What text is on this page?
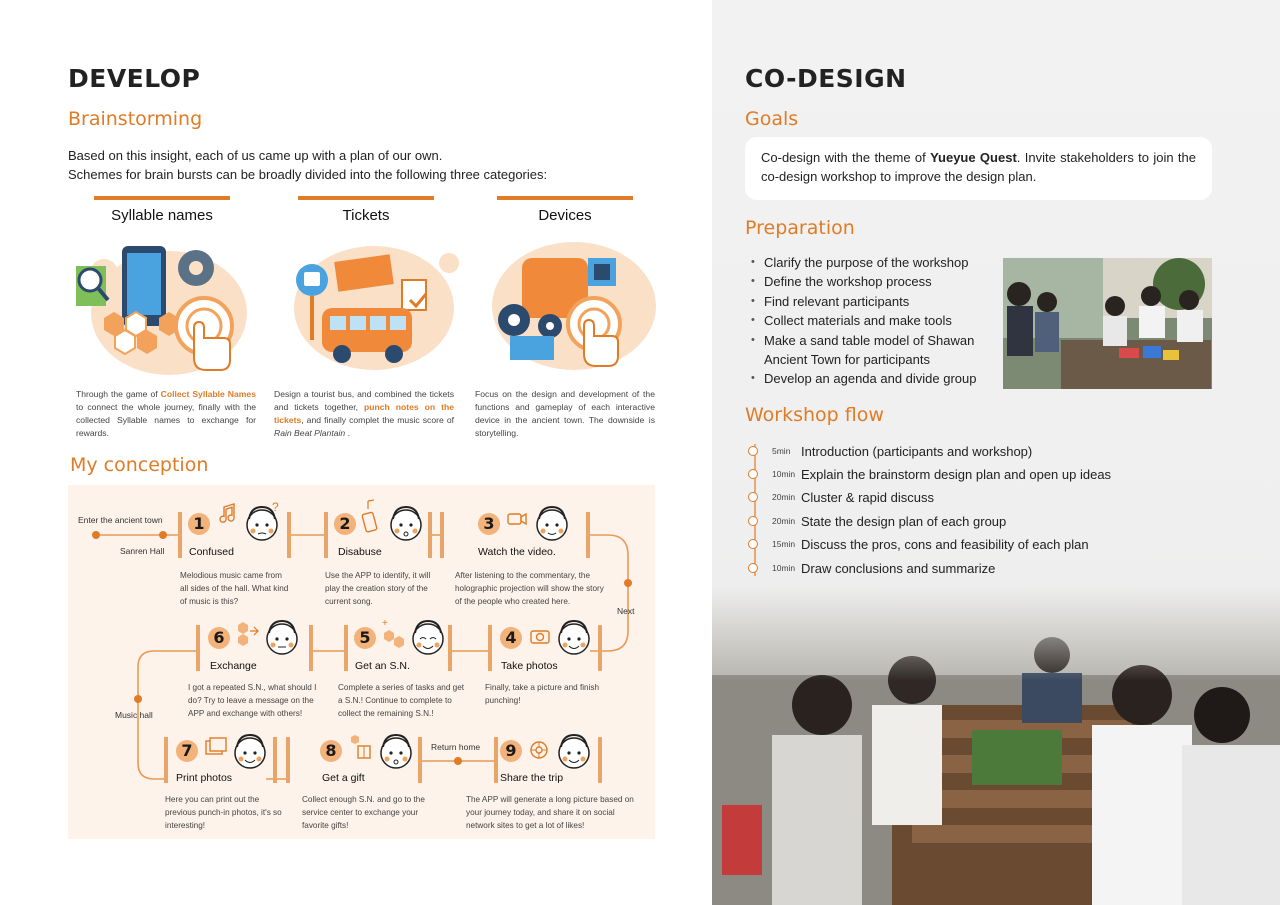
DEVELOP
Brainstorming
Based on this insight, each of us came up with a plan of our own.
Schemes for brain bursts can be broadly divided into the following three categories:
Syllable names
Through the game of Collect Syllable Names to connect the whole journey, finally with the collected Syllable names to exchange for rewards.
Tickets
Design a tourist bus, and combined the tickets and tickets together, punch notes on the tickets, and finally complet the music score of Rain Beat Plantain .
Devices
Focus on the design and development of the functions and gameplay of each interactive device in the ancient town. The downside is storytelling.
My conception
Enter the ancient town
Sanren Hall
Next
Music hall
Return home
1
?
Confused
Melodious music came from all sides of the hall. What kind of music is this?
2
Disabuse
Use the APP to identify, it will play the creation story of the current song.
3
Watch the video.
After listening to the commentary, the holographic projection will show the story of the people who created here.
4
Take photos
Finally, take a picture and finish punching!
5
+
Get an S.N.
Complete a series of tasks and get a S.N.! Continue to complete to collect the remaining S.N.!
6
Exchange
I got a repeated S.N., what should I do? Try to leave a message on the APP and exchange with others!
7
Print photos
Here you can print out the previous punch-in photos, it's so interesting!
8
Get a gift
Collect enough S.N. and go to the service center to exchange your favorite gifts!
9
Share the trip
The APP will generate a long picture based on your journey today, and share it on social network sites to get a lot of likes!
CO-DESIGN
Goals
Co-design with the theme of Yueyue Quest. Invite stakeholders to join the co-design workshop to improve the design plan.
Preparation
• Clarify the purpose of the workshop
• Define the workshop process
• Find relevant participants
• Collect materials and make tools
• Make a sand table model of Shawan Ancient Town for participants
• Develop an agenda and divide group
Workshop flow
5min Introduction (participants and workshop)
10min Explain the brainstorm design plan and open up ideas
20min Cluster & rapid discuss
20min State the design plan of each group
15min Discuss the pros, cons and feasibility of each plan
10min Draw conclusions and summarize
